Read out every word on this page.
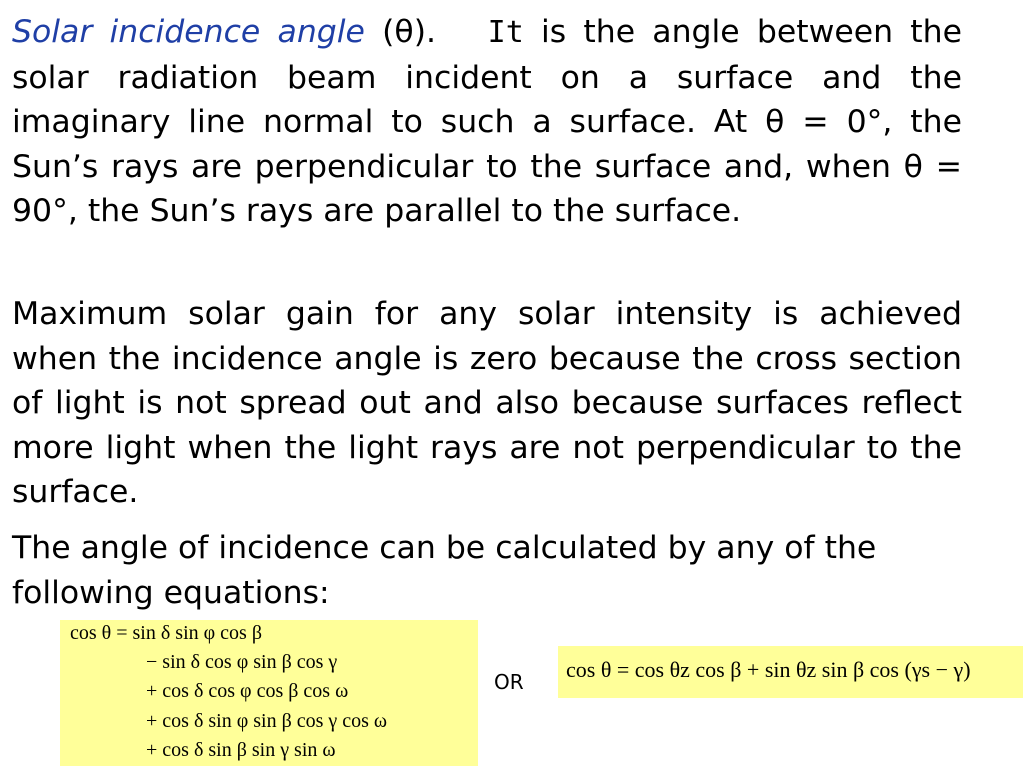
Solar incidence angle (θ). It is the angle between the solar radiation beam incident on a surface and the imaginary line normal to such a surface. At θ = 0°, the Sun’s rays are perpendicular to the surface and, when θ = 90°, the Sun’s rays are parallel to the surface.

Maximum solar gain for any solar intensity is achieved when the incidence angle is zero because the cross section of light is not spread out and also because surfaces reflect more light when the light rays are not perpendicular to the surface.

The angle of incidence can be calculated by any of the following equations:

cos θ = sin δ sin φ cos β
− sin δ cos φ sin β cos γ
+ cos δ cos φ cos β cos ω
+ cos δ sin φ sin β cos γ cos ω
+ cos δ sin β sin γ sin ω
OR cos θ = cos θz cos β + sin θz sin β cos (γs − γ)
